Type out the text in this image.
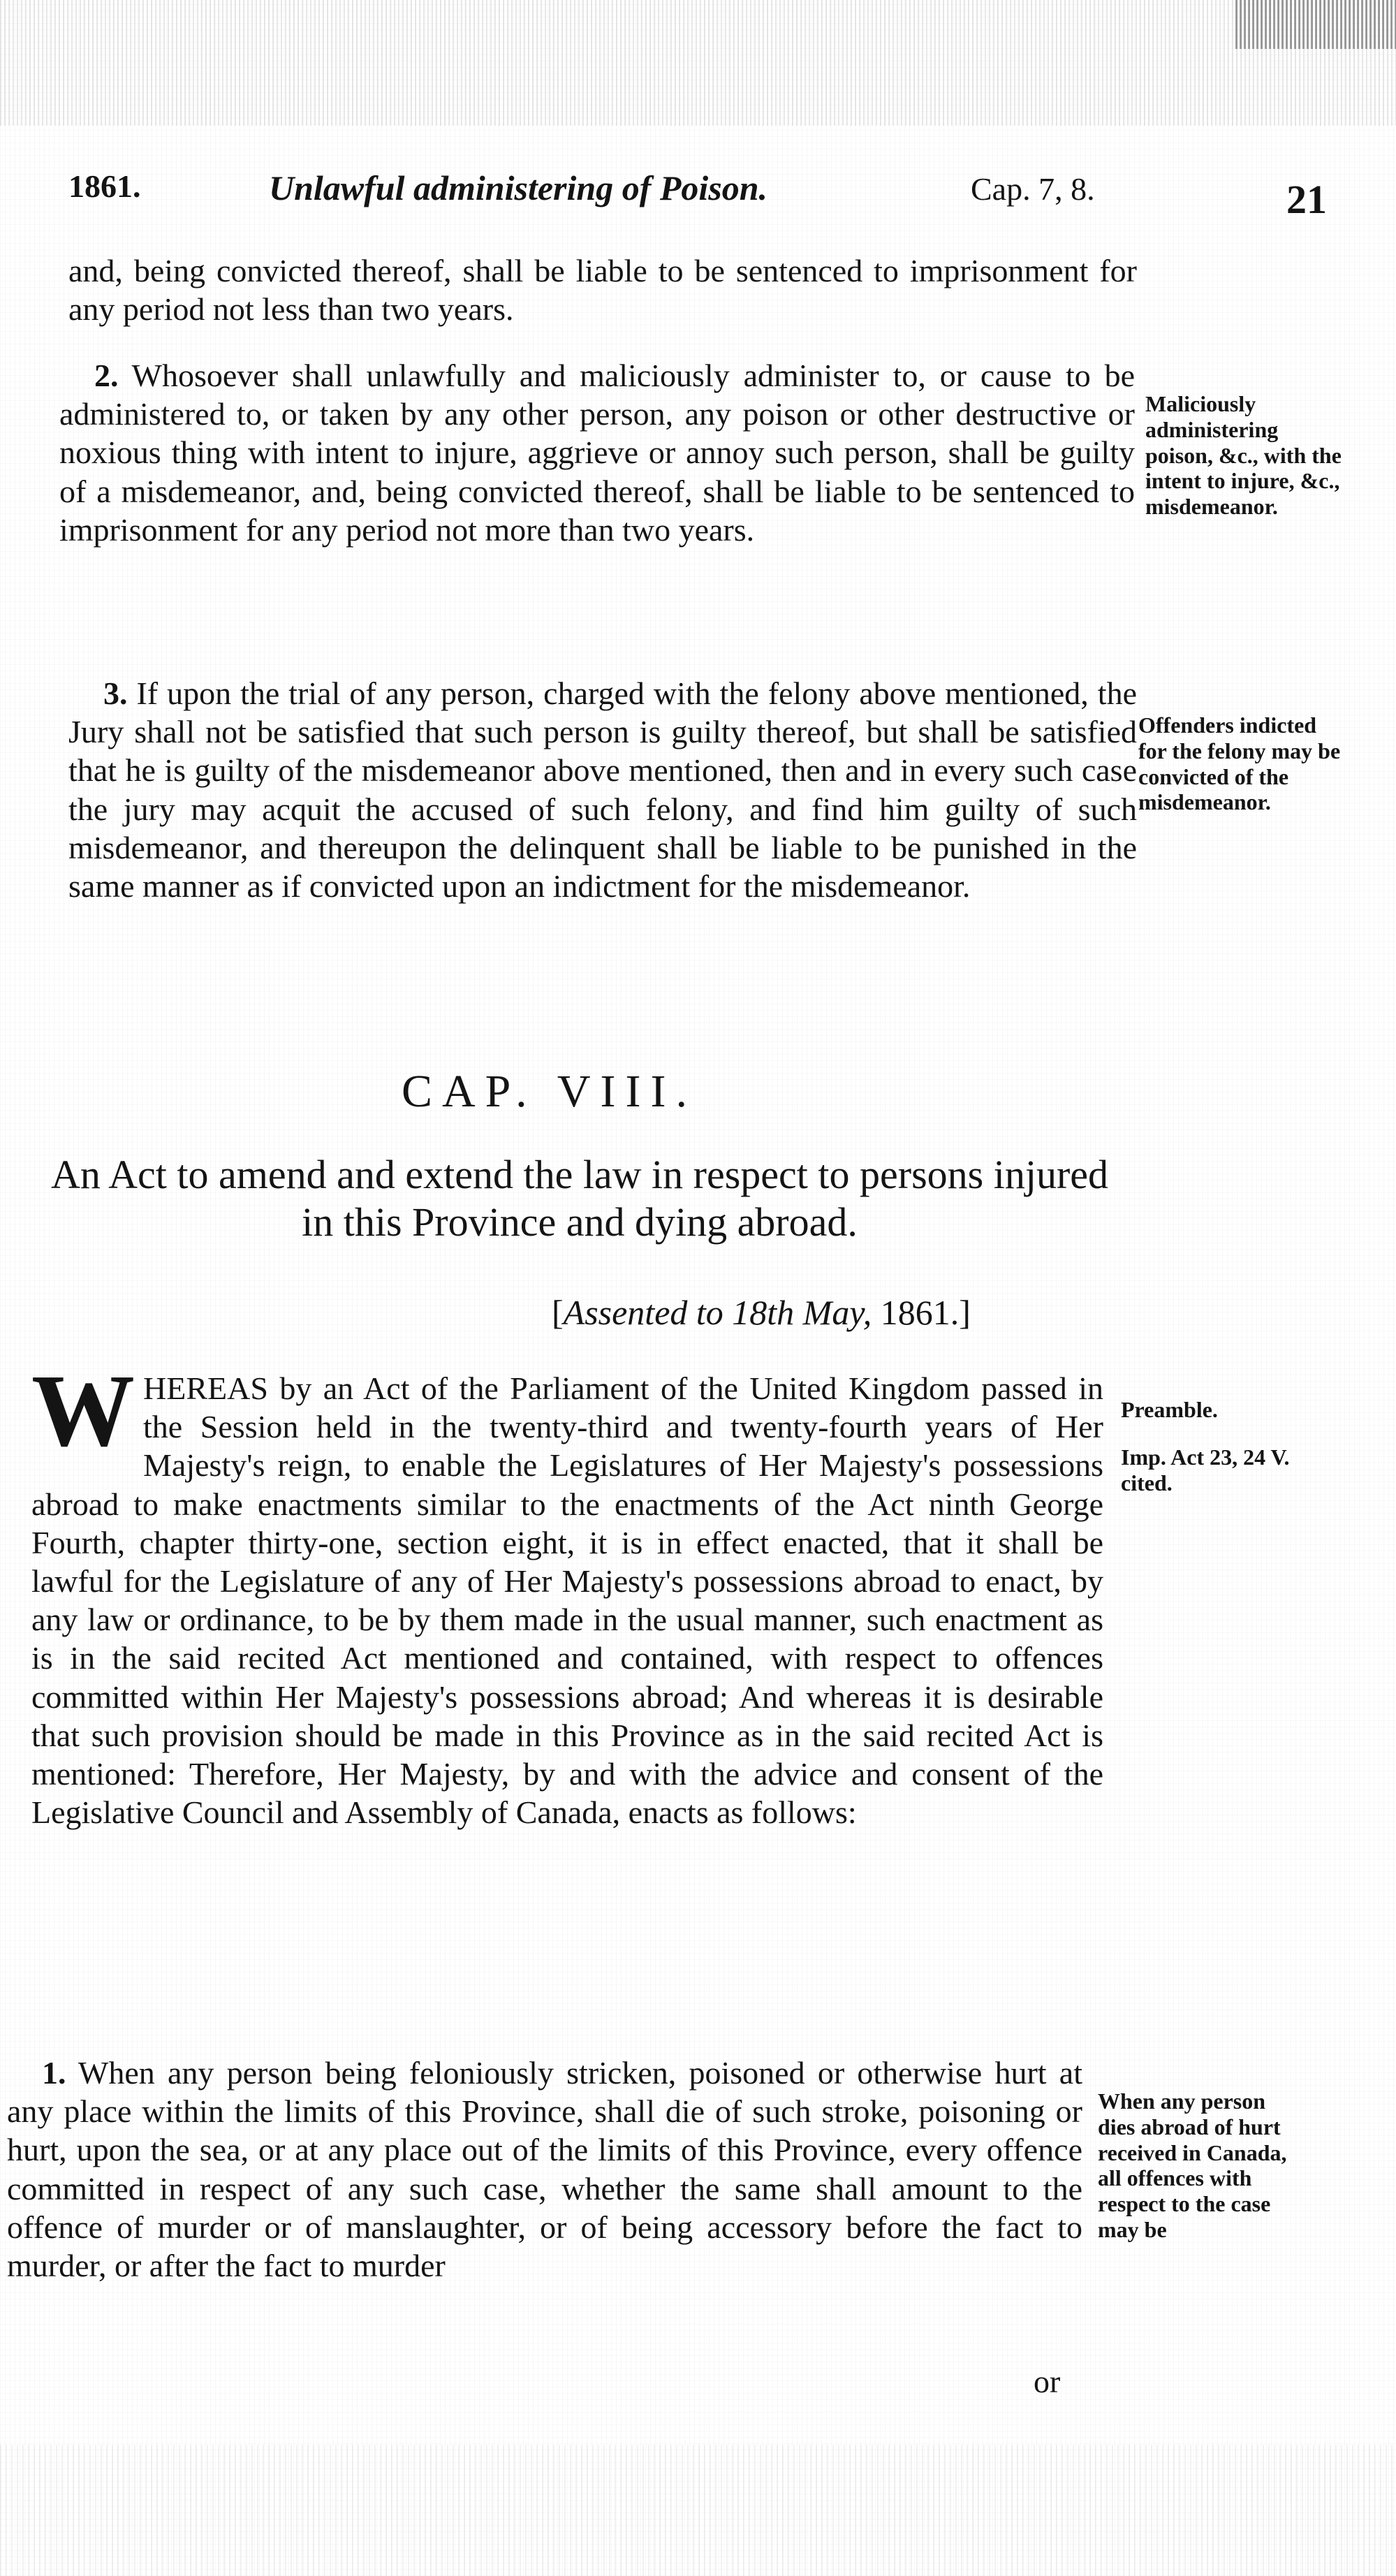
1861.	Unlawful administering of Poison.	Cap. 7, 8.	21

and, being convicted thereof, shall be liable to be sentenced to imprisonment for any period not less than two years.

2. Whosoever shall unlawfully and maliciously administer to, or cause to be administered to, or taken by any other person, any poison or other destructive or noxious thing with intent to injure, aggrieve or annoy such person, shall be guilty of a misdemeanor, and, being convicted thereof, shall be liable to be sentenced to imprisonment for any period not more than two years.

Maliciously administering poison, &c., with the intent to injure, &c., misdemeanor.

3. If upon the trial of any person, charged with the felony above mentioned, the Jury shall not be satisfied that such person is guilty thereof, but shall be satisfied that he is guilty of the misdemeanor above mentioned, then and in every such case the jury may acquit the accused of such felony, and find him guilty of such misdemeanor, and thereupon the delinquent shall be liable to be punished in the same manner as if convicted upon an indictment for the misdemeanor.

Offenders indicted for the felony may be convicted of the misdemeanor.

CAP. VIII.

An Act to amend and extend the law in respect to persons injured in this Province and dying abroad.

[Assented to 18th May, 1861.]

WHEREAS by an Act of the Parliament of the United Kingdom passed in the Session held in the twenty-third and twenty-fourth years of Her Majesty's reign, to enable the Legislatures of Her Majesty's possessions abroad to make enactments similar to the enactments of the Act ninth George Fourth, chapter thirty-one, section eight, it is in effect enacted, that it shall be lawful for the Legislature of any of Her Majesty's possessions abroad to enact, by any law or ordinance, to be by them made in the usual manner, such enactment as is in the said recited Act mentioned and contained, with respect to offences committed within Her Majesty's possessions abroad; And whereas it is desirable that such provision should be made in this Province as in the said recited Act is mentioned: Therefore, Her Majesty, by and with the advice and consent of the Legislative Council and Assembly of Canada, enacts as follows:

Preamble.

Imp. Act 23, 24 V. cited.

1. When any person being feloniously stricken, poisoned or otherwise hurt at any place within the limits of this Province, shall die of such stroke, poisoning or hurt, upon the sea, or at any place out of the limits of this Province, every offence committed in respect of any such case, whether the same shall amount to the offence of murder or of manslaughter, or of being accessory before the fact to murder, or after the fact to murder

When any person dies abroad of hurt received in Canada, all offences with respect to the case may be

or
